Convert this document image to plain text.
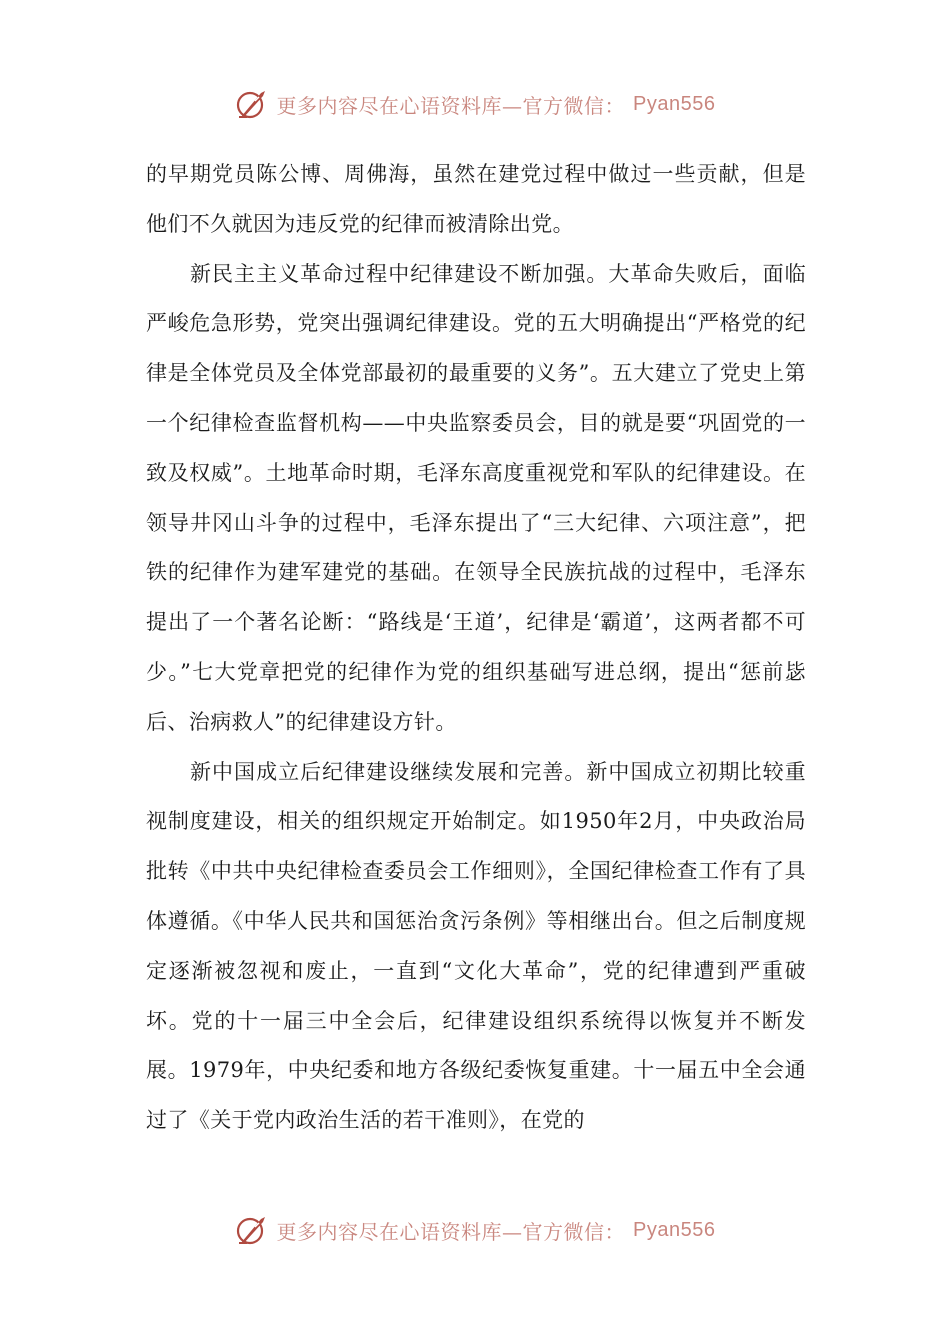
更多内容尽在心语资料库—官方微信： Pyan556

的早期党员陈公博、周佛海，虽然在建党过程中做过一些贡献，但是他们不久就因为违反党的纪律而被清除出党。

新民主主义革命过程中纪律建设不断加强。大革命失败后，面临严峻危急形势，党突出强调纪律建设。党的五大明确提出“严格党的纪律是全体党员及全体党部最初的最重要的义务”。五大建立了党史上第一个纪律检查监督机构——中央监察委员会，目的就是要“巩固党的一致及权威”。土地革命时期，毛泽东高度重视党和军队的纪律建设。在领导井冈山斗争的过程中，毛泽东提出了“三大纪律、六项注意”，把铁的纪律作为建军建党的基础。在领导全民族抗战的过程中，毛泽东提出了一个著名论断：“路线是‘王道’，纪律是‘霸道’，这两者都不可少。”七大党章把党的纪律作为党的组织基础写进总纲，提出“惩前毖后、治病救人”的纪律建设方针。

新中国成立后纪律建设继续发展和完善。新中国成立初期比较重视制度建设，相关的组织规定开始制定。如1950年2月，中央政治局批转《中共中央纪律检查委员会工作细则》，全国纪律检查工作有了具体遵循。《中华人民共和国惩治贪污条例》等相继出台。但之后制度规定逐渐被忽视和废止，一直到“文化大革命”，党的纪律遭到严重破坏。党的十一届三中全会后，纪律建设组织系统得以恢复并不断发展。1979年，中央纪委和地方各级纪委恢复重建。十一届五中全会通过了《关于党内政治生活的若干准则》，在党的

更多内容尽在心语资料库—官方微信： Pyan556
